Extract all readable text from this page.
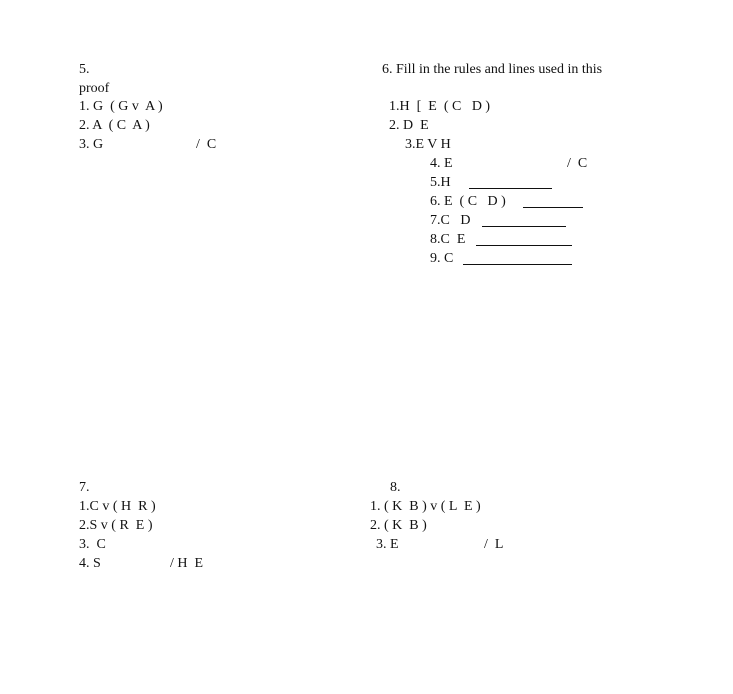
5.
proof
1. G  ( G v  A )
2. A  ( C  A )
3. G	/  C
6. Fill in the rules and lines used in this
1.H  [  E  ( C   D )
2. D  E
3.E V H
4. E	/  C
5.H
6. E  ( C   D )
7.C   D
8.C  E
9. C
7.
1.C v ( H  R )
2.S v ( R  E )
3. C
4. S	/ H  E
8.
1. ( K  B ) v ( L  E )
2. ( K  B )
3. E	/  L
